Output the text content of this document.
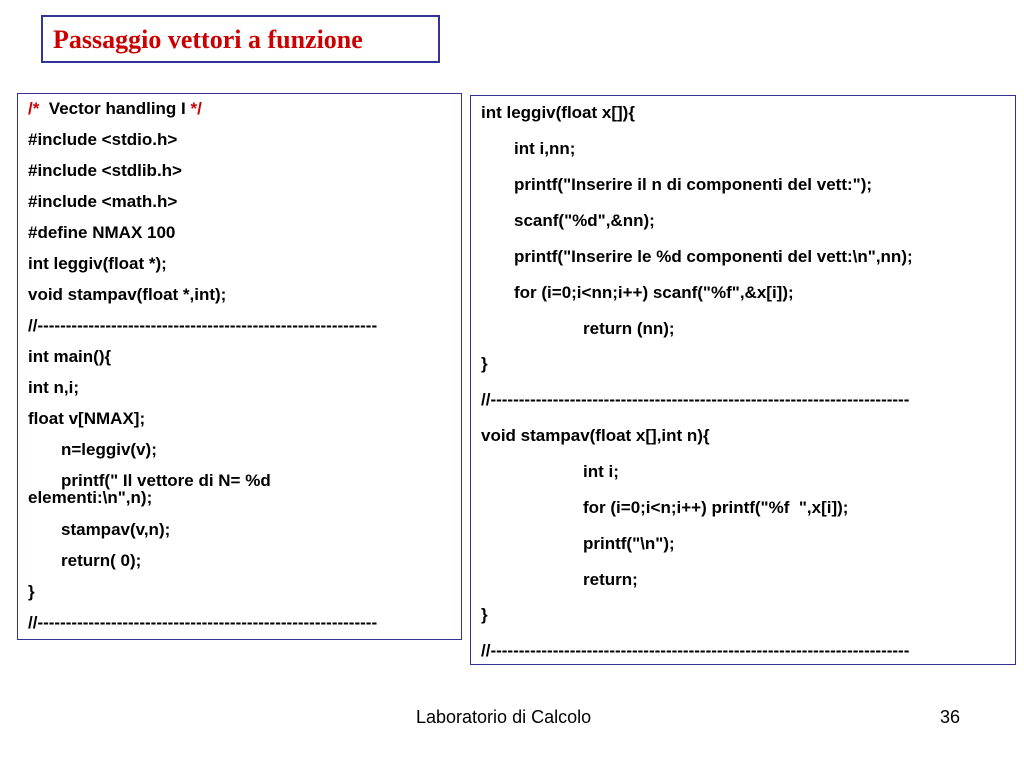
Passaggio vettori a funzione
/*  Vector handling I */
#include <stdio.h>
#include <stdlib.h>
#include <math.h>
#define NMAX 100
int leggiv(float *);
void stampav(float *,int);
//------------------------------------------------------------
int main(){
int n,i;
float v[NMAX];
n=leggiv(v);
printf(" Il vettore di N= %d
elementi:\n",n);
stampav(v,n);
return( 0);
}
//------------------------------------------------------------
int leggiv(float x[]){
int i,nn;
printf("Inserire il n di componenti del vett:");
scanf("%d",&nn);
printf("Inserire le %d componenti del vett:\n",nn);
for (i=0;i<nn;i++) scanf("%f",&x[i]);
return (nn);
}
//--------------------------------------------------------------------------
void stampav(float x[],int n){
int i;
for (i=0;i<n;i++) printf("%f  ",x[i]);
printf("\n");
return;
}
//--------------------------------------------------------------------------
Laboratorio di Calcolo	36
